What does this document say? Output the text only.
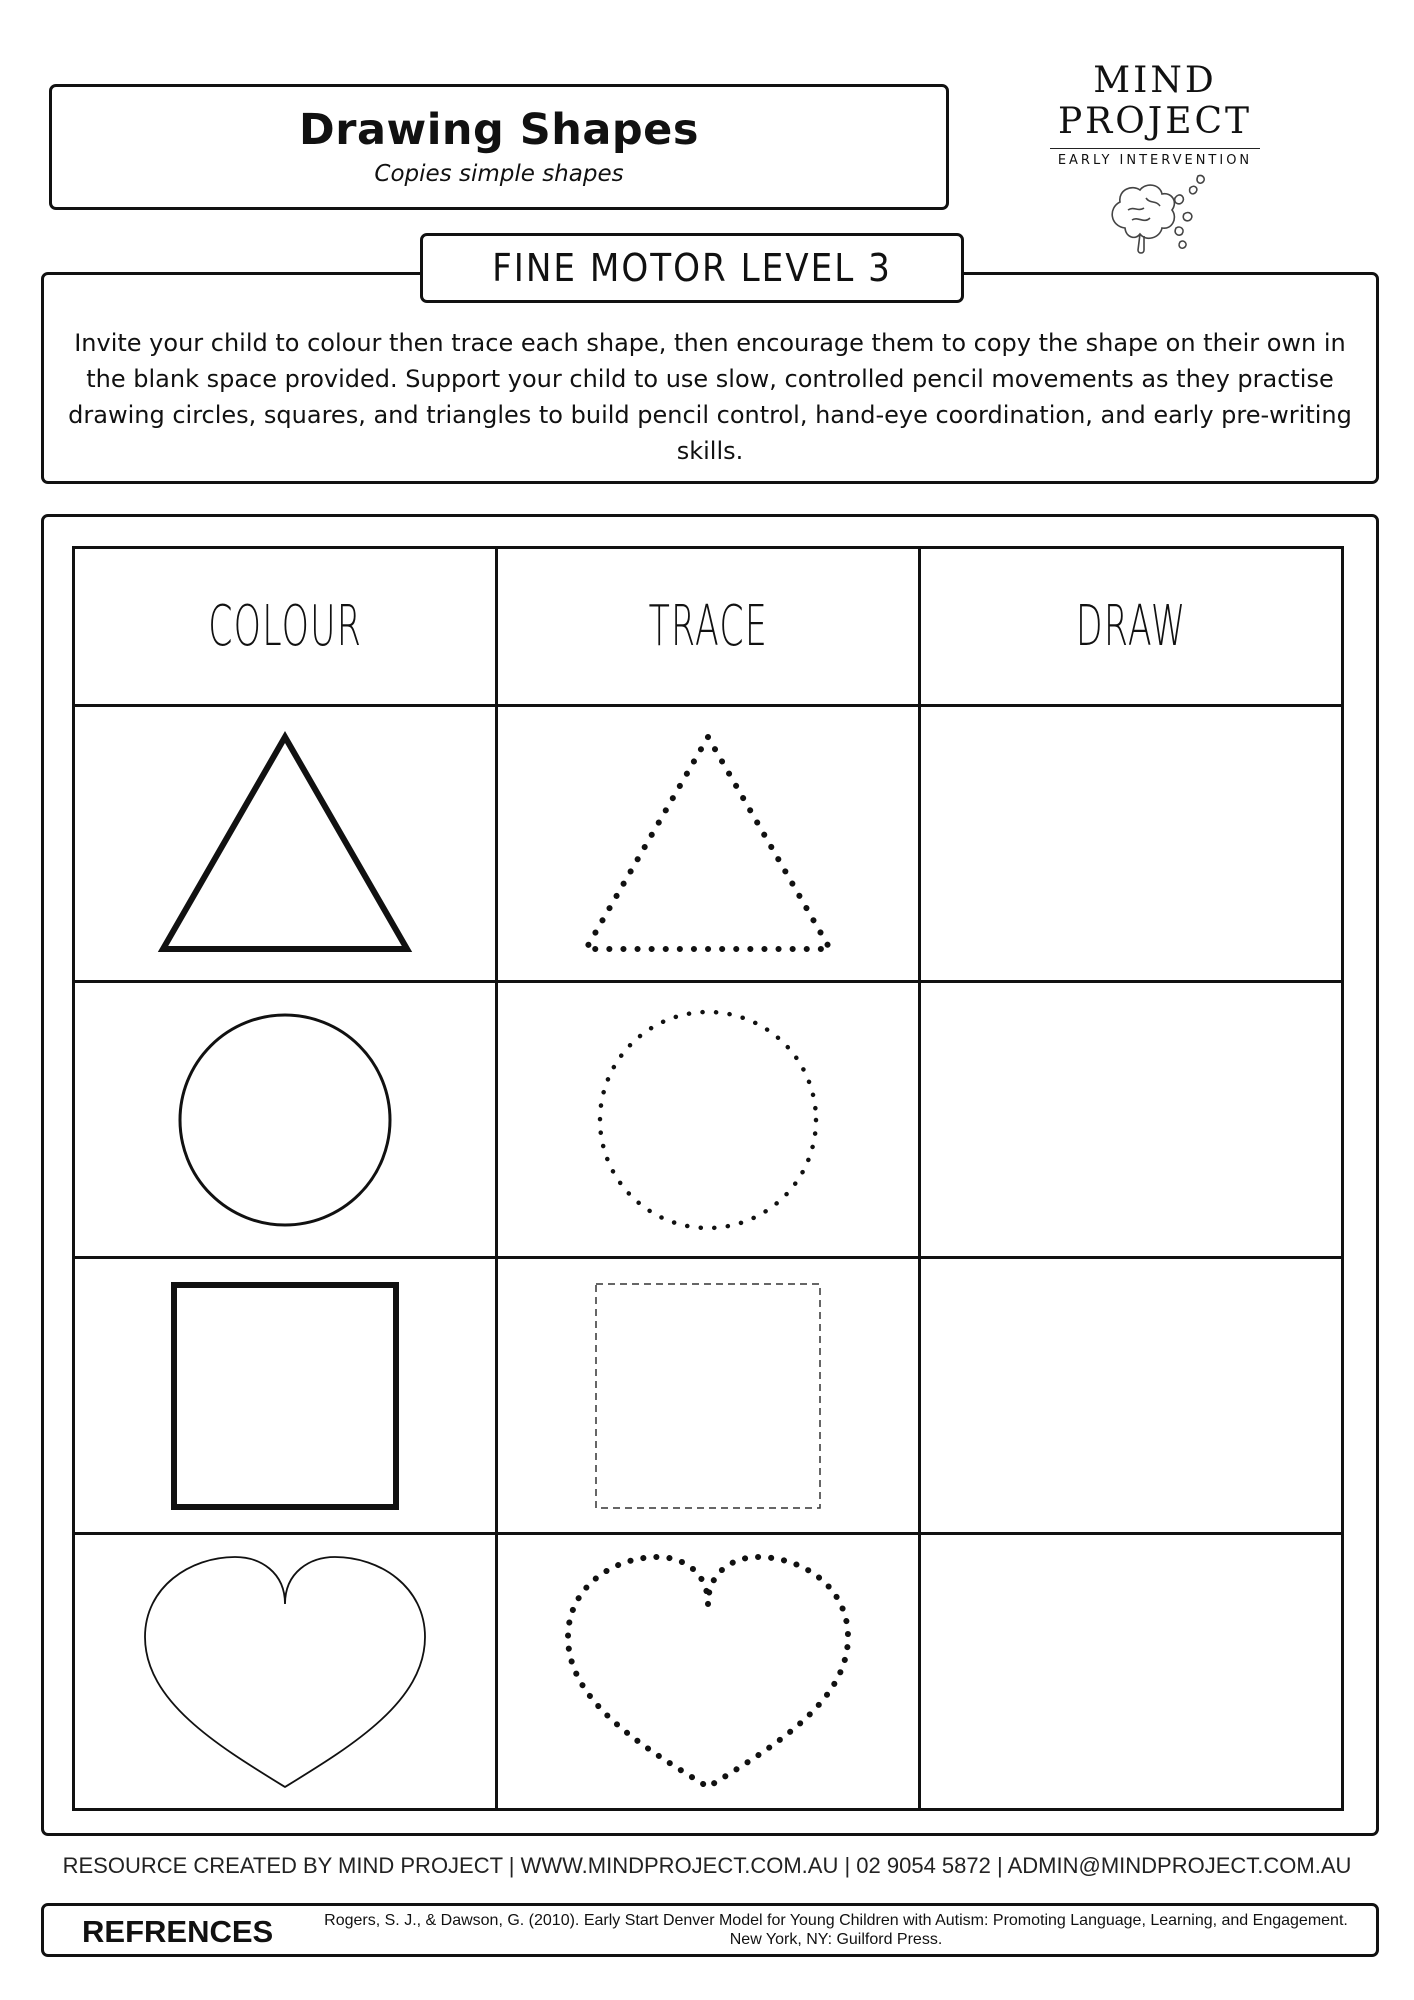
Drawing Shapes
Copies simple shapes
MIND PROJECT
EARLY INTERVENTION

Invite your child to colour then trace each shape, then encourage them to copy the shape on their own in the blank space provided. Support your child to use slow, controlled pencil movements as they practise drawing circles, squares, and triangles to build pencil control, hand-eye coordination, and early pre-writing skills.

FINE MOTOR LEVEL 3
COLOUR	TRACE	DRAW

RESOURCE CREATED BY MIND PROJECT | WWW.MINDPROJECT.COM.AU | 02 9054 5872 | ADMIN@MINDPROJECT.COM.AU
REFRENCES	Rogers, S. J., & Dawson, G. (2010). Early Start Denver Model for Young Children with Autism: Promoting Language, Learning, and Engagement. New York, NY: Guilford Press.
